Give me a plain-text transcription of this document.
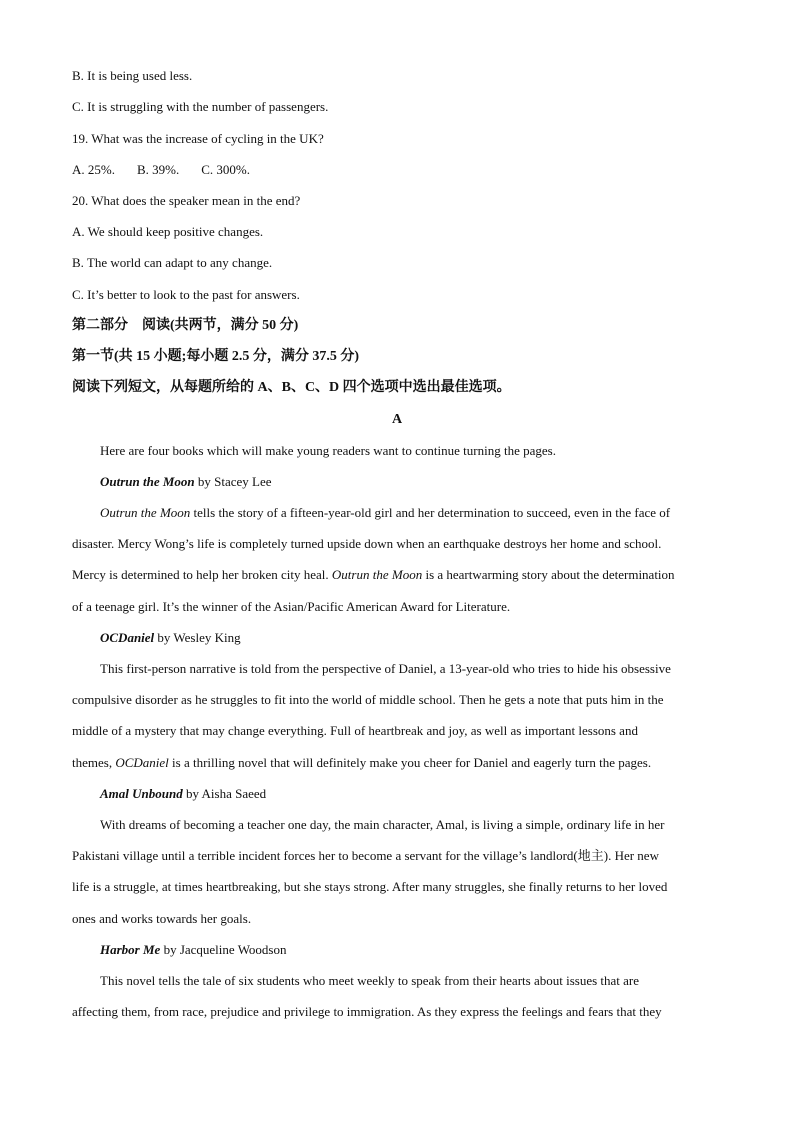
B. It is being used less.
C. It is struggling with the number of passengers.
19. What was the increase of cycling in the UK?
A. 25%. B. 39%. C. 300%.
20. What does the speaker mean in the end?
A. We should keep positive changes.
B. The world can adapt to any change.
C. It’s better to look to the past for answers.
第二部分　阅读(共两节，满分 50 分)
第一节(共 15 小题;每小题 2.5 分，满分 37.5 分)
阅读下列短文，从每题所给的 A、B、C、D 四个选项中选出最佳选项。
A
Here are four books which will make young readers want to continue turning the pages.
Outrun the Moon by Stacey Lee
Outrun the Moon tells the story of a fifteen-year-old girl and her determination to succeed, even in the face of
disaster. Mercy Wong’s life is completely turned upside down when an earthquake destroys her home and school.
Mercy is determined to help her broken city heal. Outrun the Moon is a heartwarming story about the determination
of a teenage girl. It’s the winner of the Asian/Pacific American Award for Literature.
OCDaniel by Wesley King
This first-person narrative is told from the perspective of Daniel, a 13-year-old who tries to hide his obsessive
compulsive disorder as he struggles to fit into the world of middle school. Then he gets a note that puts him in the
middle of a mystery that may change everything. Full of heartbreak and joy, as well as important lessons and
themes, OCDaniel is a thrilling novel that will definitely make you cheer for Daniel and eagerly turn the pages.
Amal Unbound by Aisha Saeed
With dreams of becoming a teacher one day, the main character, Amal, is living a simple, ordinary life in her
Pakistani village until a terrible incident forces her to become a servant for the village’s landlord(地主). Her new
life is a struggle, at times heartbreaking, but she stays strong. After many struggles, she finally returns to her loved
ones and works towards her goals.
Harbor Me by Jacqueline Woodson
This novel tells the tale of six students who meet weekly to speak from their hearts about issues that are
affecting them, from race, prejudice and privilege to immigration. As they express the feelings and fears that they
